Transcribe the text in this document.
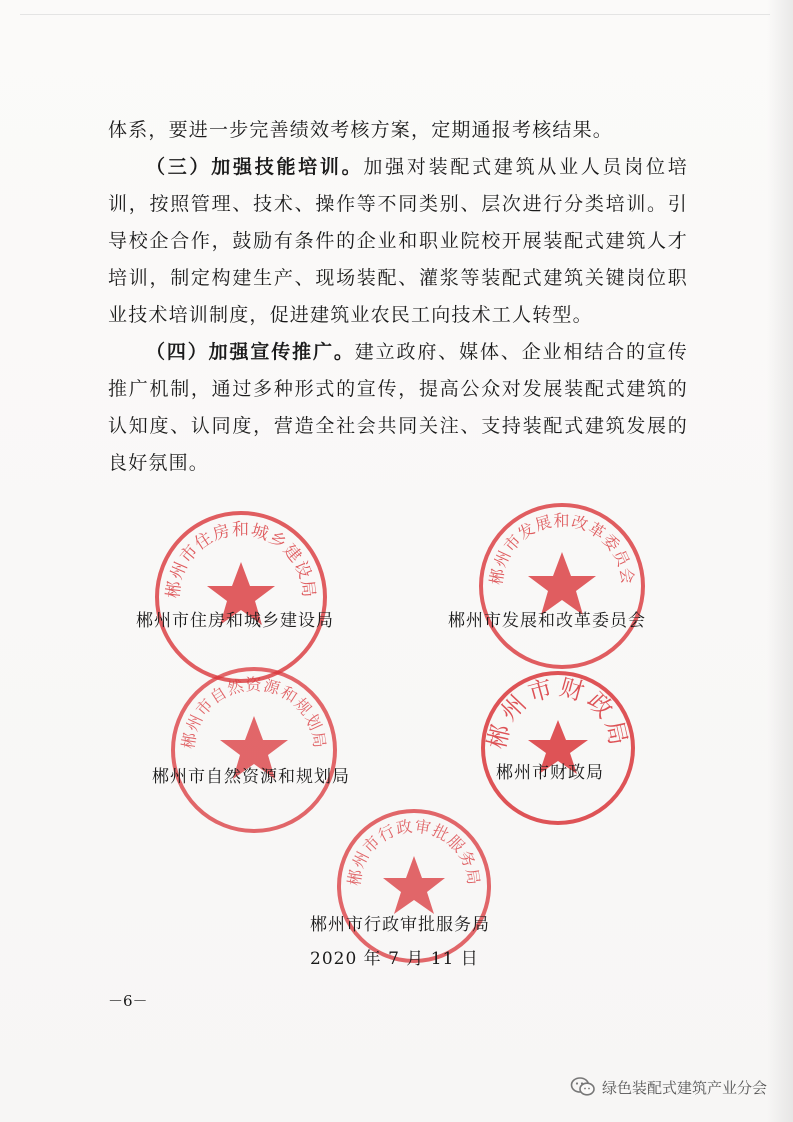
体系，要进一步完善绩效考核方案，定期通报考核结果。

（三）加强技能培训。加强对装配式建筑从业人员岗位培训，按照管理、技术、操作等不同类别、层次进行分类培训。引导校企合作，鼓励有条件的企业和职业院校开展装配式建筑人才培训，制定构建生产、现场装配、灌浆等装配式建筑关键岗位职业技术培训制度，促进建筑业农民工向技术工人转型。

（四）加强宣传推广。建立政府、媒体、企业相结合的宣传推广机制，通过多种形式的宣传，提高公众对发展装配式建筑的认知度、认同度，营造全社会共同关注、支持装配式建筑发展的良好氛围。

郴州市住房和城乡建设局
郴州市发展和改革委员会
郴州市自然资源和规划局	郴州市财政局
郴州市行政审批服务局
郴州市住房和城乡建设局	郴州市发展和改革委员会
郴州市自然资源和规划局	郴州市财政局
郴州市行政审批服务局
2020 年 7 月 11 日
－6－
绿色装配式建筑产业分会
